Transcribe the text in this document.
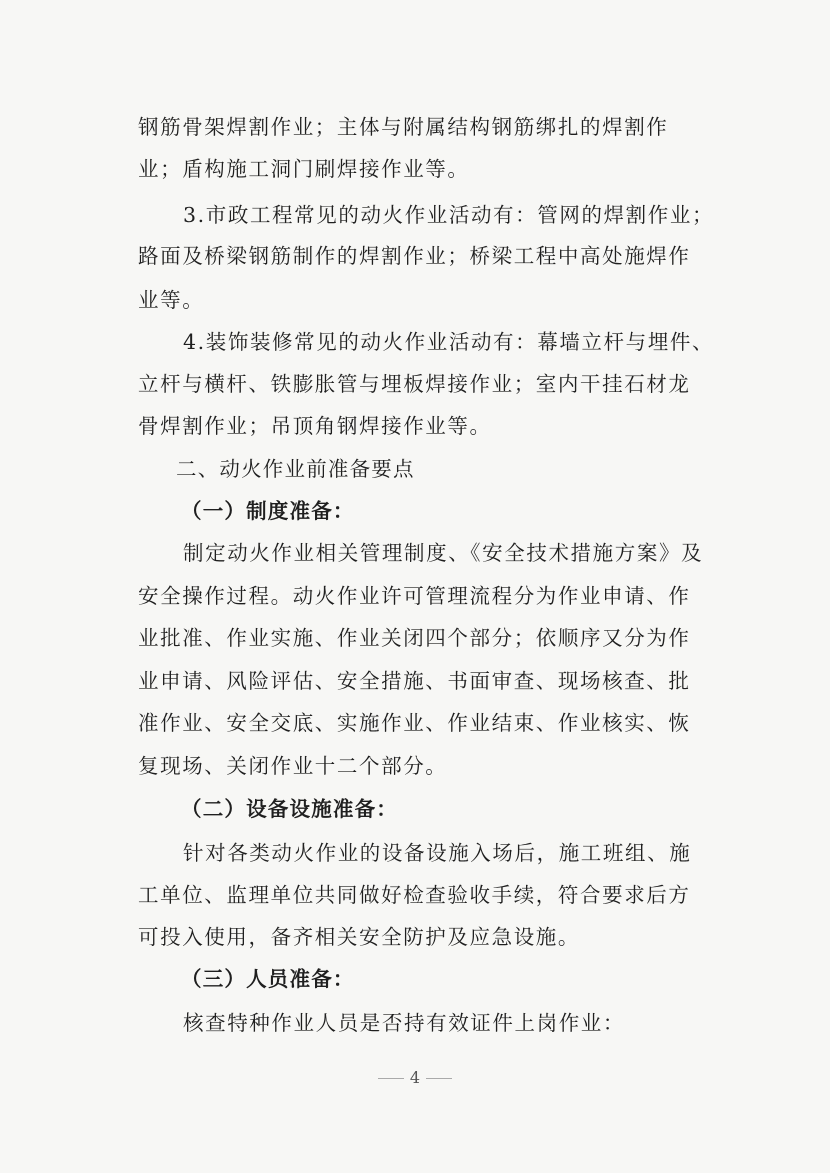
钢筋骨架焊割作业；主体与附属结构钢筋绑扎的焊割作
业；盾构施工洞门刷焊接作业等。
3.市政工程常见的动火作业活动有：管网的焊割作业；
路面及桥梁钢筋制作的焊割作业；桥梁工程中高处施焊作
业等。
4.装饰装修常见的动火作业活动有：幕墙立杆与埋件、
立杆与横杆、铁膨胀管与埋板焊接作业；室内干挂石材龙
骨焊割作业；吊顶角钢焊接作业等。
二、动火作业前准备要点
（一）制度准备：
制定动火作业相关管理制度、《安全技术措施方案》及
安全操作过程。动火作业许可管理流程分为作业申请、作
业批准、作业实施、作业关闭四个部分；依顺序又分为作
业申请、风险评估、安全措施、书面审查、现场核查、批
准作业、安全交底、实施作业、作业结束、作业核实、恢
复现场、关闭作业十二个部分。
（二）设备设施准备：
针对各类动火作业的设备设施入场后，施工班组、施
工单位、监理单位共同做好检查验收手续，符合要求后方
可投入使用，备齐相关安全防护及应急设施。
（三）人员准备：
核查特种作业人员是否持有效证件上岗作业：
4
